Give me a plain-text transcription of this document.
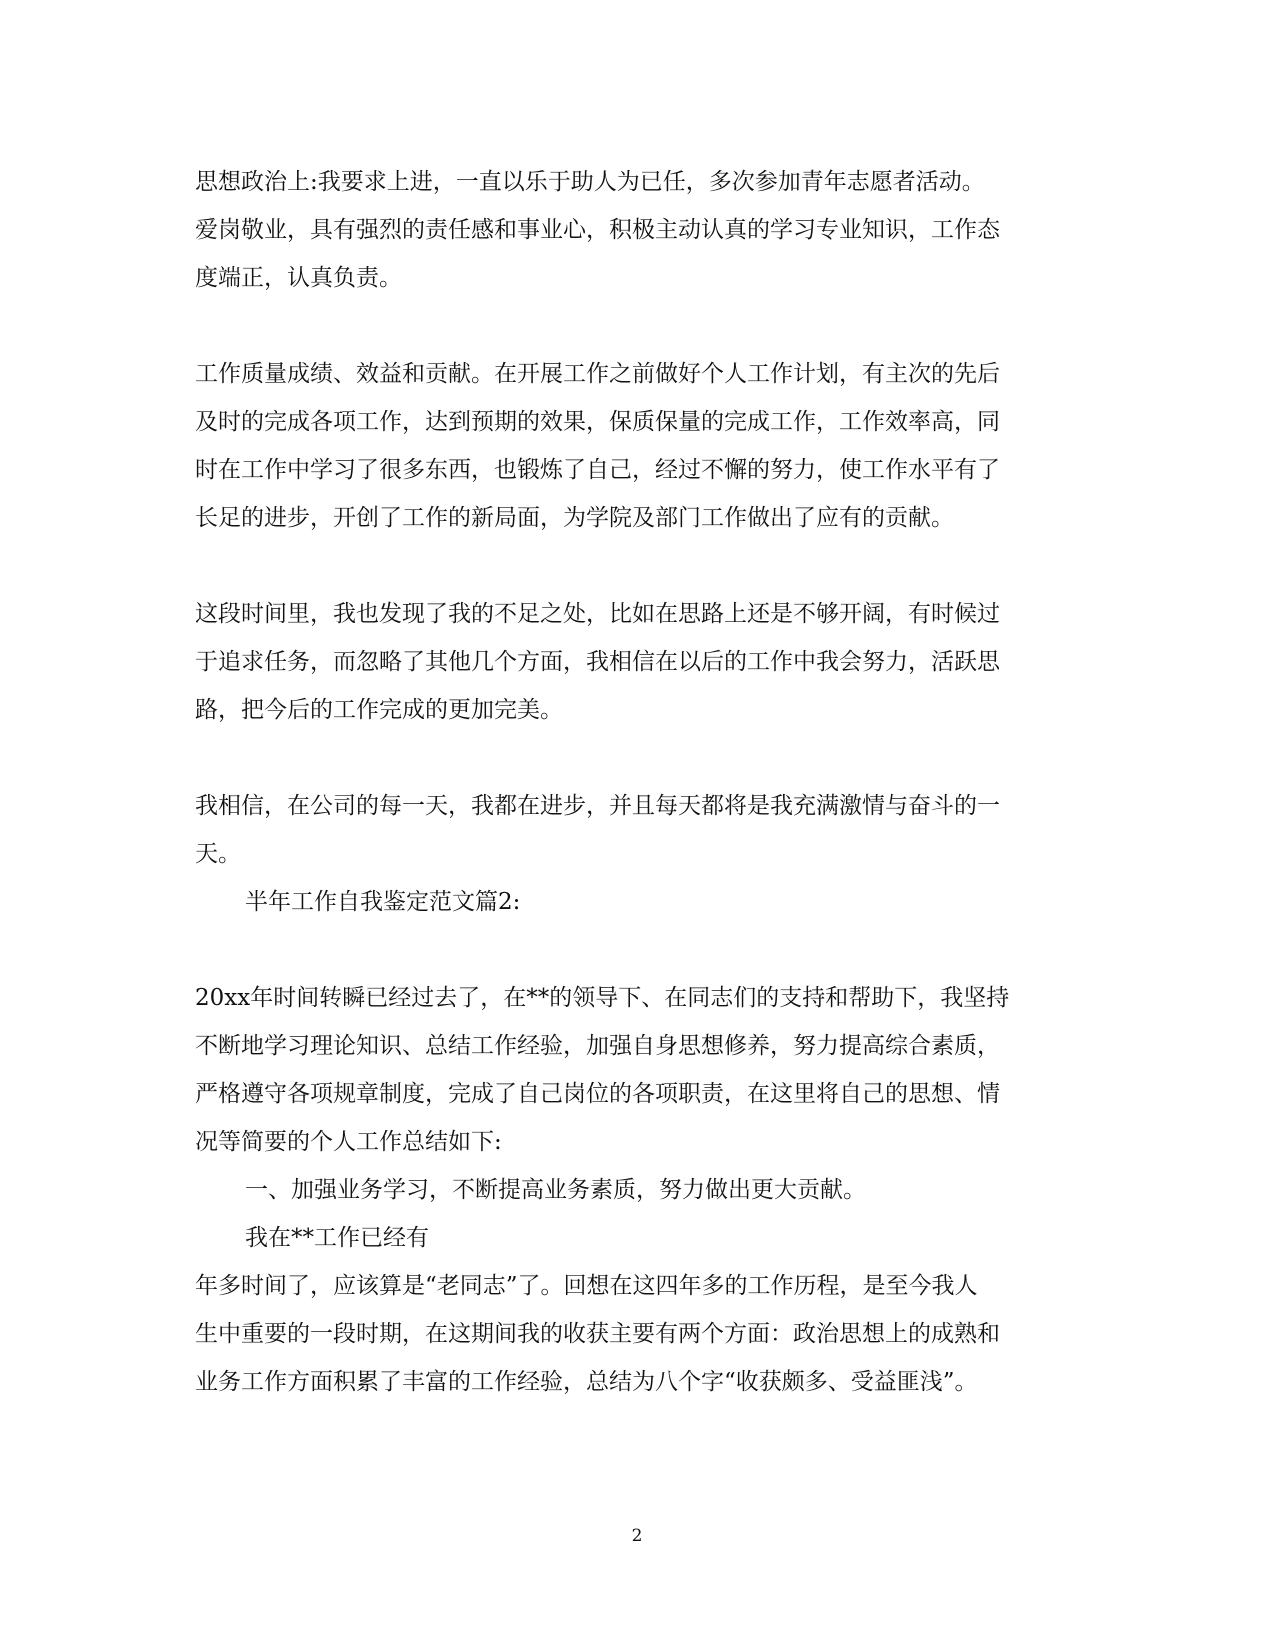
思想政治上:我要求上进，一直以乐于助人为已任，多次参加青年志愿者活动。
爱岗敬业，具有强烈的责任感和事业心，积极主动认真的学习专业知识，工作态
度端正，认真负责。
工作质量成绩、效益和贡献。在开展工作之前做好个人工作计划，有主次的先后
及时的完成各项工作，达到预期的效果，保质保量的完成工作，工作效率高，同
时在工作中学习了很多东西，也锻炼了自己，经过不懈的努力，使工作水平有了
长足的进步，开创了工作的新局面，为学院及部门工作做出了应有的贡献。
这段时间里，我也发现了我的不足之处，比如在思路上还是不够开阔，有时候过
于追求任务，而忽略了其他几个方面，我相信在以后的工作中我会努力，活跃思
路，把今后的工作完成的更加完美。
我相信，在公司的每一天，我都在进步，并且每天都将是我充满激情与奋斗的一
天。
半年工作自我鉴定范文篇2:
20xx年时间转瞬已经过去了，在**的领导下、在同志们的支持和帮助下，我坚持
不断地学习理论知识、总结工作经验，加强自身思想修养，努力提高综合素质，
严格遵守各项规章制度，完成了自己岗位的各项职责，在这里将自己的思想、情
况等简要的个人工作总结如下:
一、加强业务学习，不断提高业务素质，努力做出更大贡献。
我在**工作已经有
年多时间了，应该算是“老同志”了。回想在这四年多的工作历程，是至今我人
生中重要的一段时期，在这期间我的收获主要有两个方面：政治思想上的成熟和
业务工作方面积累了丰富的工作经验，总结为八个字“收获颇多、受益匪浅”。
2
